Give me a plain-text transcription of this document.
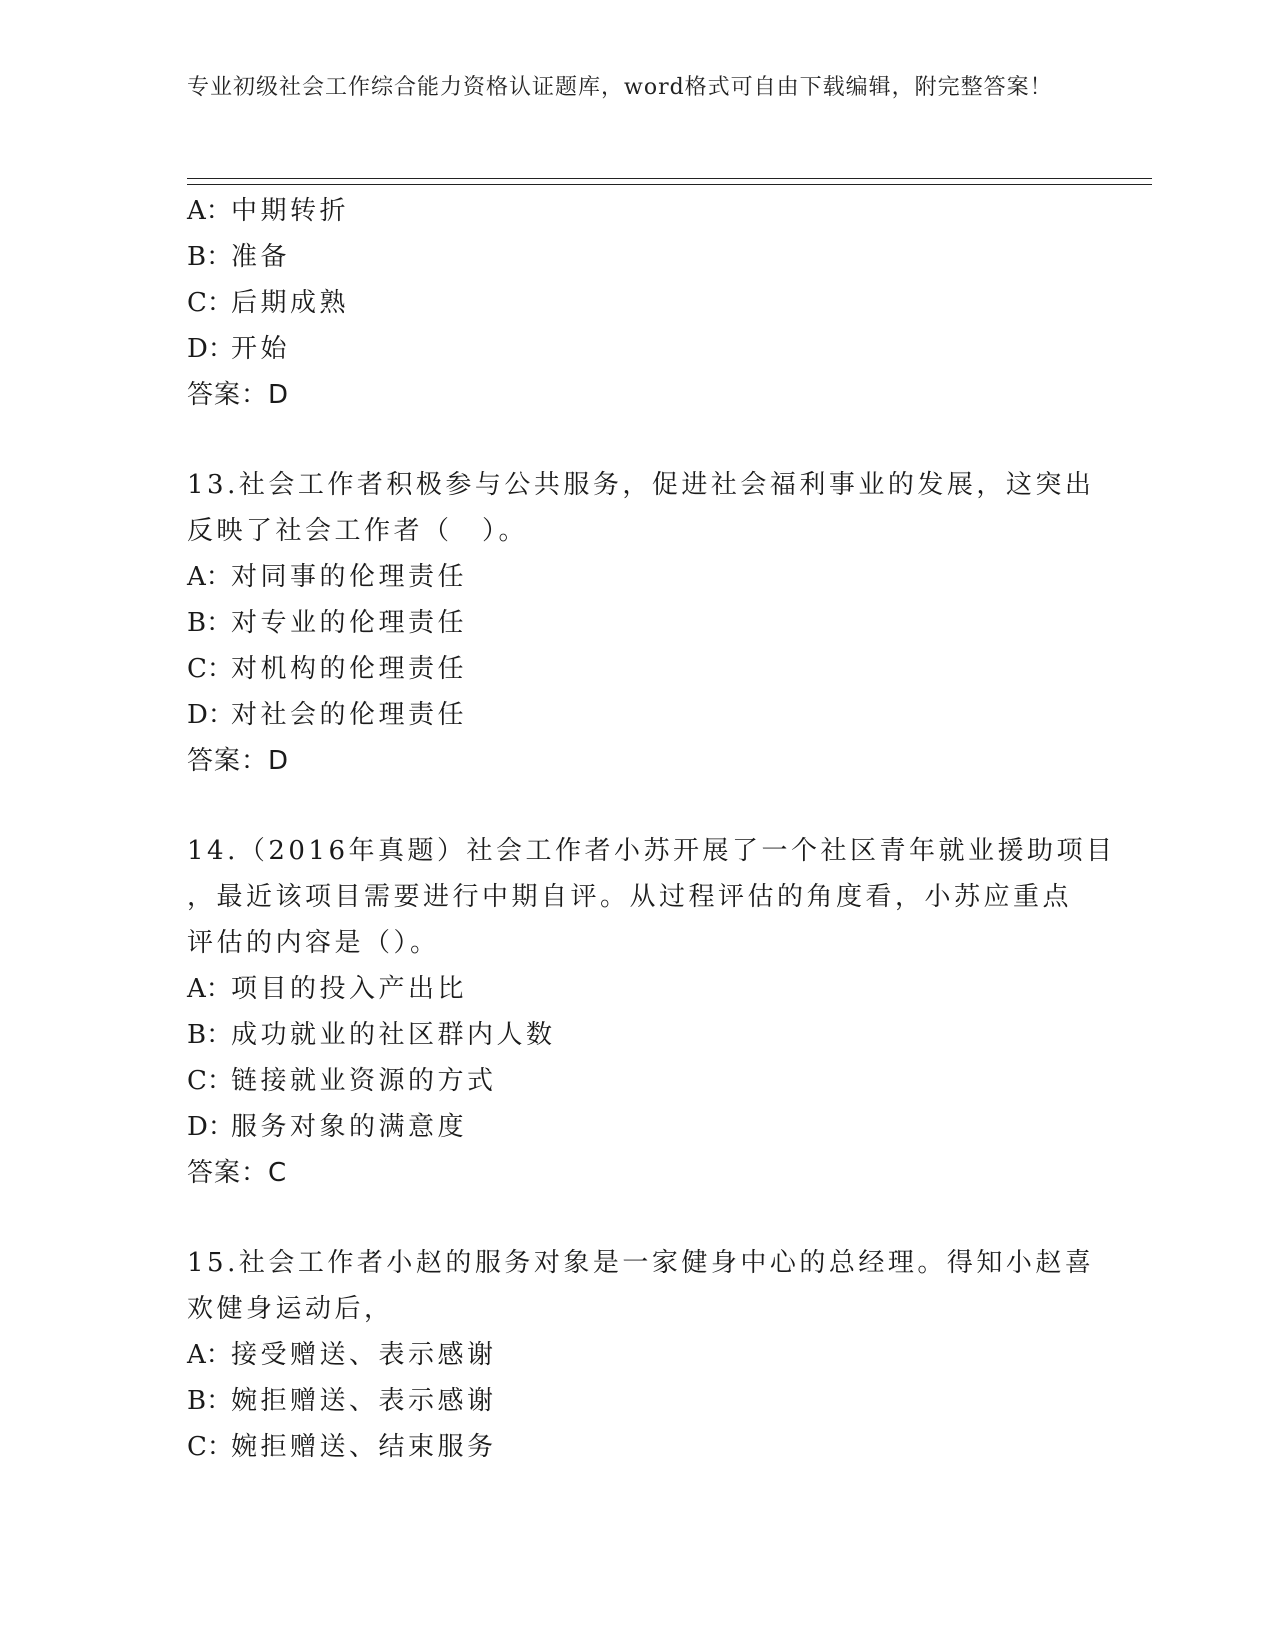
专业初级社会工作综合能力资格认证题库，word格式可自由下载编辑，附完整答案！
A：中期转折
B：准备
C：后期成熟
D：开始
答案：D
13.社会工作者积极参与公共服务，促进社会福利事业的发展，这突出
反映了社会工作者（　）。
A：对同事的伦理责任
B：对专业的伦理责任
C：对机构的伦理责任
D：对社会的伦理责任
答案：D
14.（2016年真题）社会工作者小苏开展了一个社区青年就业援助项目
，最近该项目需要进行中期自评。从过程评估的角度看，小苏应重点
评估的内容是（）。
A：项目的投入产出比
B：成功就业的社区群内人数
C：链接就业资源的方式
D：服务对象的满意度
答案：C
15.社会工作者小赵的服务对象是一家健身中心的总经理。得知小赵喜
欢健身运动后，
A：接受赠送、表示感谢
B：婉拒赠送、表示感谢
C：婉拒赠送、结束服务
